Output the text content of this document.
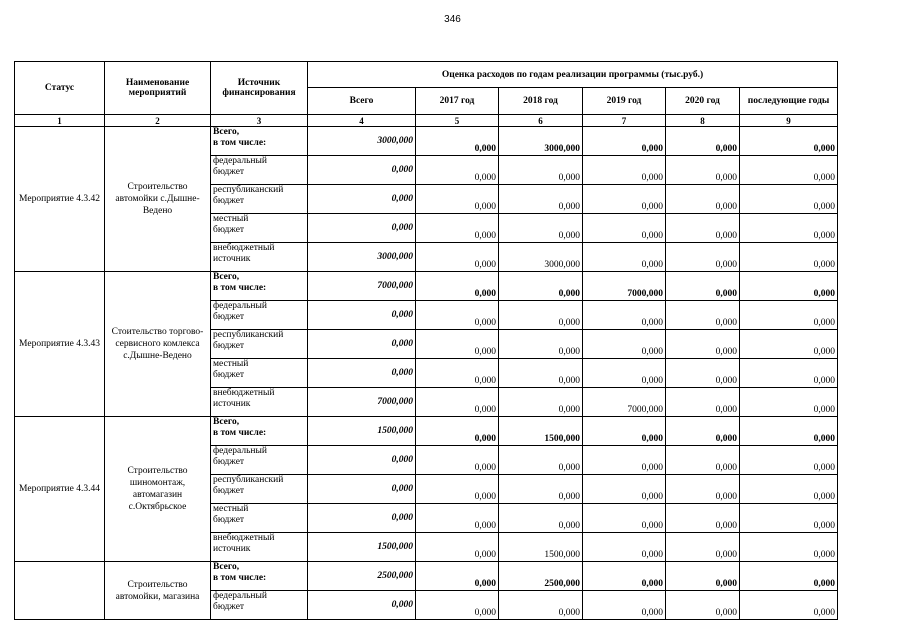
346
Статус	Наименование мероприятий	Источник финансирования	Оценка расходов по годам реализации программы (тыс.руб.)					
			Всего	2017 год	2018 год	2019 год	2020 год	последующие годы
1	2	3	4	5	6	7	8	9
Мероприятие 4.3.42	Строительство автомойки с.Дышне-Ведено	Всего,
в том числе:	3000,000	0,000	3000,000	0,000	0,000	0,000
		федеральный
бюджет	0,000	0,000	0,000	0,000	0,000	0,000
		республиканский
бюджет	0,000	0,000	0,000	0,000	0,000	0,000
		местный
бюджет	0,000	0,000	0,000	0,000	0,000	0,000
		внебюджетный
источник	3000,000	0,000	3000,000	0,000	0,000	0,000
Мероприятие 4.3.43	Стоительство торгово-сервисного комлекса с.Дышне-Ведено	Всего,
в том числе:	7000,000	0,000	0,000	7000,000	0,000	0,000
		федеральный
бюджет	0,000	0,000	0,000	0,000	0,000	0,000
		республиканский
бюджет	0,000	0,000	0,000	0,000	0,000	0,000
		местный
бюджет	0,000	0,000	0,000	0,000	0,000	0,000
		внебюджетный
источник	7000,000	0,000	0,000	7000,000	0,000	0,000
Мероприятие 4.3.44	Строительство шиномонтаж, автомагазин с.Октябрьское	Всего,
в том числе:	1500,000	0,000	1500,000	0,000	0,000	0,000
		федеральный
бюджет	0,000	0,000	0,000	0,000	0,000	0,000
		республиканский
бюджет	0,000	0,000	0,000	0,000	0,000	0,000
		местный
бюджет	0,000	0,000	0,000	0,000	0,000	0,000
		внебюджетный
источник	1500,000	0,000	1500,000	0,000	0,000	0,000
	Строительство автомойки, магазина	Всего,
в том числе:	2500,000	0,000	2500,000	0,000	0,000	0,000
		федеральный
бюджет	0,000	0,000	0,000	0,000	0,000	0,000
